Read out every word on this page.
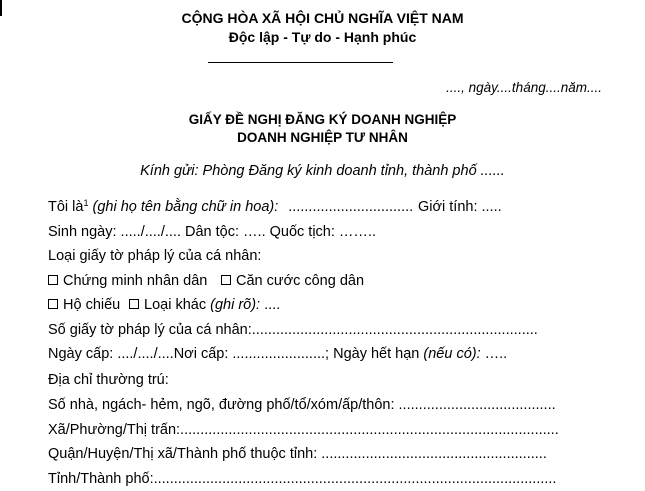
CỘNG HÒA XÃ HỘI CHỦ NGHĨA VIỆT NAM
Độc lập - Tự do - Hạnh phúc
...., ngày....tháng....năm....
GIẤY ĐỀ NGHỊ ĐĂNG KÝ DOANH NGHIỆP
DOANH NGHIỆP TƯ NHÂN
Kính gửi: Phòng Đăng ký kinh doanh tỉnh, thành phố ......
Tôi $là^1$ (ghi họ tên bằng chữ in hoa): ............................... Giới tính: .....
Sinh ngày: ...../..../.... Dân tộc: ….. Quốc tịch: ……..
Loại giấy tờ pháp lý của cá nhân:
Chứng minh nhân dân	Căn cước công dân
Hộ chiếu	Loại khác (ghi rõ): ....
Số giấy tờ pháp lý của cá nhân:.......................................................................
Ngày cấp: ..../..../....Nơi cấp: .......................; Ngày hết hạn (nếu có): …..
Địa chỉ thường trú:
Số nhà, ngách- hẻm, ngõ, đường phố/tổ/xóm/ấp/thôn: .......................................
Xã/Phường/Thị trấn:..............................................................................................
Quận/Huyện/Thị xã/Thành phố thuộc tỉnh: ........................................................
Tỉnh/Thành phố:....................................................................................................
